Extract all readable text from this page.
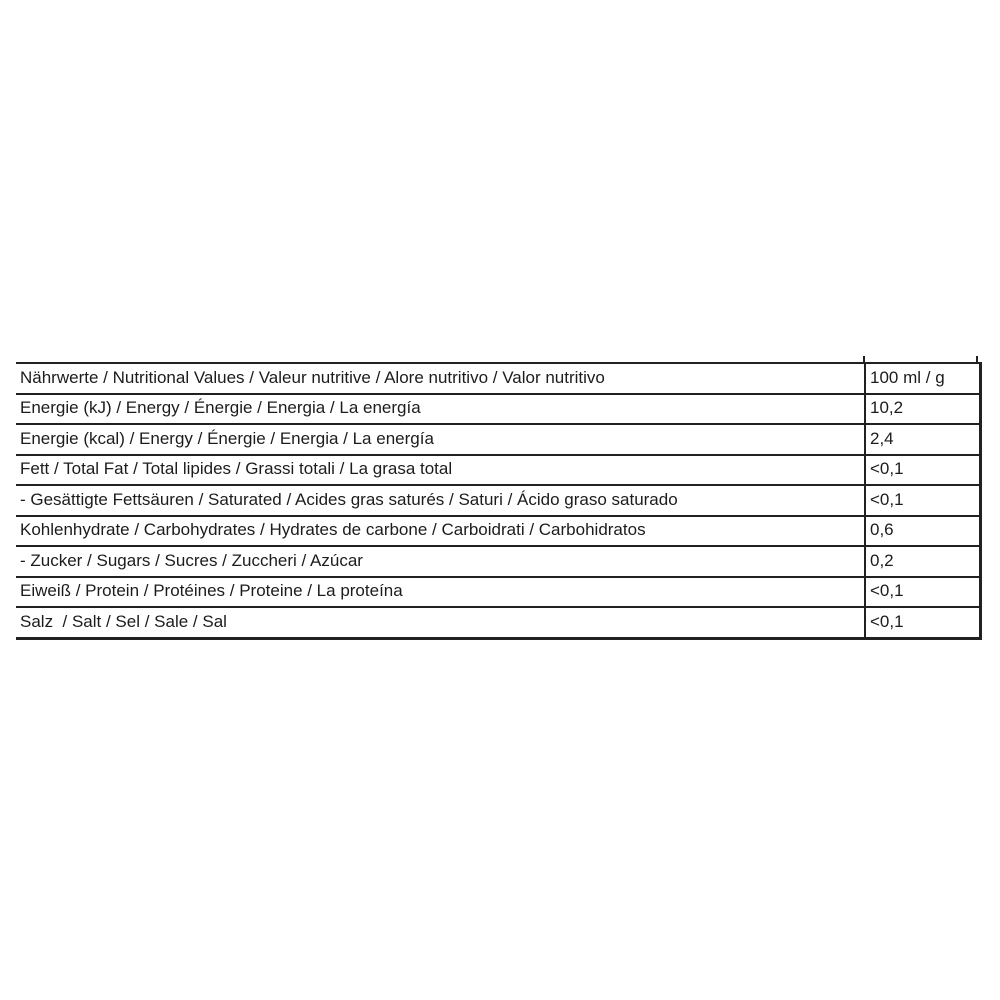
Nährwerte / Nutritional Values / Valeur nutritive / Alore nutritivo / Valor nutritivo	100 ml / g
Energie (kJ) / Energy / Énergie / Energia / La energía	10,2
Energie (kcal) / Energy / Énergie / Energia / La energía	2,4
Fett / Total Fat / Total lipides / Grassi totali / La grasa total	<0,1
- Gesättigte Fettsäuren / Saturated / Acides gras saturés / Saturi / Ácido graso saturado	<0,1
Kohlenhydrate / Carbohydrates / Hydrates de carbone / Carboidrati / Carbohidratos	0,6
- Zucker / Sugars / Sucres / Zuccheri / Azúcar	0,2
Eiweiß / Protein / Protéines / Proteine / La proteína	<0,1
Salz  / Salt / Sel / Sale / Sal	<0,1
